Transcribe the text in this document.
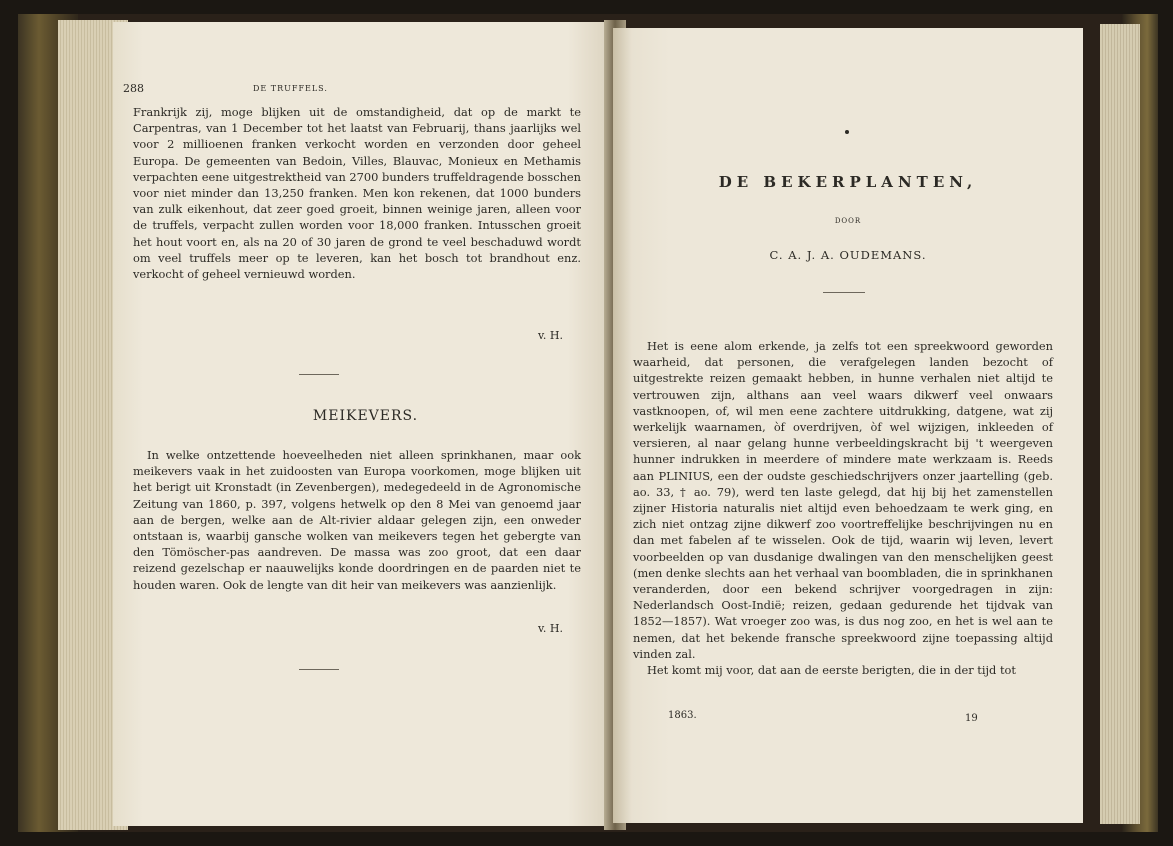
288	DE TRUFFELS.

Frankrijk zij, moge blijken uit de omstandigheid, dat op de markt te Carpentras, van 1 December tot het laatst van Februarij, thans jaarlijks wel voor 2 millioenen franken verkocht worden en verzonden door geheel Europa. De gemeenten van Bedoin, Villes, Blauvac, Monieux en Methamis verpachten eene uitgestrektheid van 2700 bunders truffeldragende bosschen voor niet minder dan 13,250 franken. Men kon rekenen, dat 1000 bunders van zulk eikenhout, dat zeer goed groeit, binnen weinige jaren, alleen voor de truffels, verpacht zullen worden voor 18,000 franken. Intusschen groeit het hout voort en, als na 20 of 30 jaren de grond te veel beschaduwd wordt om veel truffels meer op te leveren, kan het bosch tot brandhout enz. verkocht of geheel vernieuwd worden.

v. H.
MEIKEVERS.

In welke ontzettende hoeveelheden niet alleen sprinkhanen, maar ook meikevers vaak in het zuidoosten van Europa voorkomen, moge blijken uit het berigt uit Kronstadt (in Zevenbergen), medegedeeld in de Agronomische Zeitung van 1860, p. 397, volgens hetwelk op den 8 Mei van genoemd jaar aan de bergen, welke aan de Alt-rivier aldaar gelegen zijn, een onweder ontstaan is, waarbij gansche wolken van meikevers tegen het gebergte van den Tömöscher-pas aandreven. De massa was zoo groot, dat een daar reizend gezelschap er naauwelijks konde doordringen en de paarden niet te houden waren. Ook de lengte van dit heir van meikevers was aanzienlijk.

v. H.
DE BEKERPLANTEN,
DOOR
C. A. J. A. OUDEMANS.

Het is eene alom erkende, ja zelfs tot een spreekwoord geworden waarheid, dat personen, die verafgelegen landen bezocht of uitgestrekte reizen gemaakt hebben, in hunne verhalen niet altijd te vertrouwen zijn, althans aan veel waars dikwerf veel onwaars vastknoopen, of, wil men eene zachtere uitdrukking, datgene, wat zij werkelijk waarnamen, òf overdrijven, òf wel wijzigen, inkleeden of versieren, al naar gelang hunne verbeeldingskracht bij 't weergeven hunner indrukken in meerdere of mindere mate werkzaam is. Reeds aan PLINIUS, een der oudste geschiedschrijvers onzer jaartelling (geb. ao. 33, † ao. 79), werd ten laste gelegd, dat hij bij het zamenstellen zijner Historia naturalis niet altijd even behoedzaam te werk ging, en zich niet ontzag zijne dikwerf zoo voortreffelijke beschrijvingen nu en dan met fabelen af te wisselen. Ook de tijd, waarin wij leven, levert voorbeelden op van dusdanige dwalingen van den menschelijken geest (men denke slechts aan het verhaal van boombladen, die in sprinkhanen veranderden, door een bekend schrijver voorgedragen in zijn: Nederlandsch Oost-Indië; reizen, gedaan gedurende het tijdvak van 1852—1857). Wat vroeger zoo was, is dus nog zoo, en het is wel aan te nemen, dat het bekende fransche spreekwoord zijne toepassing altijd vinden zal.

Het komt mij voor, dat aan de eerste berigten, die in der tijd tot

1863.	19
